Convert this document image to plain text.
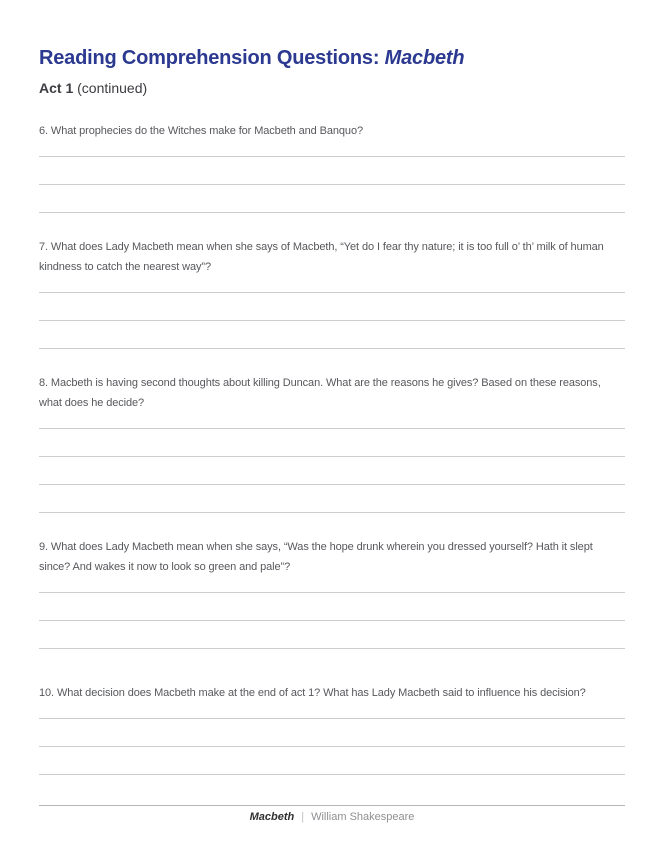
Reading Comprehension Questions: Macbeth
Act 1 (continued)

6. What prophecies do the Witches make for Macbeth and Banquo?

7. What does Lady Macbeth mean when she says of Macbeth, “Yet do I fear thy nature; it is too full o’ th’ milk of human kindness to catch the nearest way”?

8. Macbeth is having second thoughts about killing Duncan. What are the reasons he gives? Based on these reasons, what does he decide?

9. What does Lady Macbeth mean when she says, “Was the hope drunk wherein you dressed yourself? Hath it slept since? And wakes it now to look so green and pale”?

10. What decision does Macbeth make at the end of act 1? What has Lady Macbeth said to influence his decision?

Macbeth | William Shakespeare
